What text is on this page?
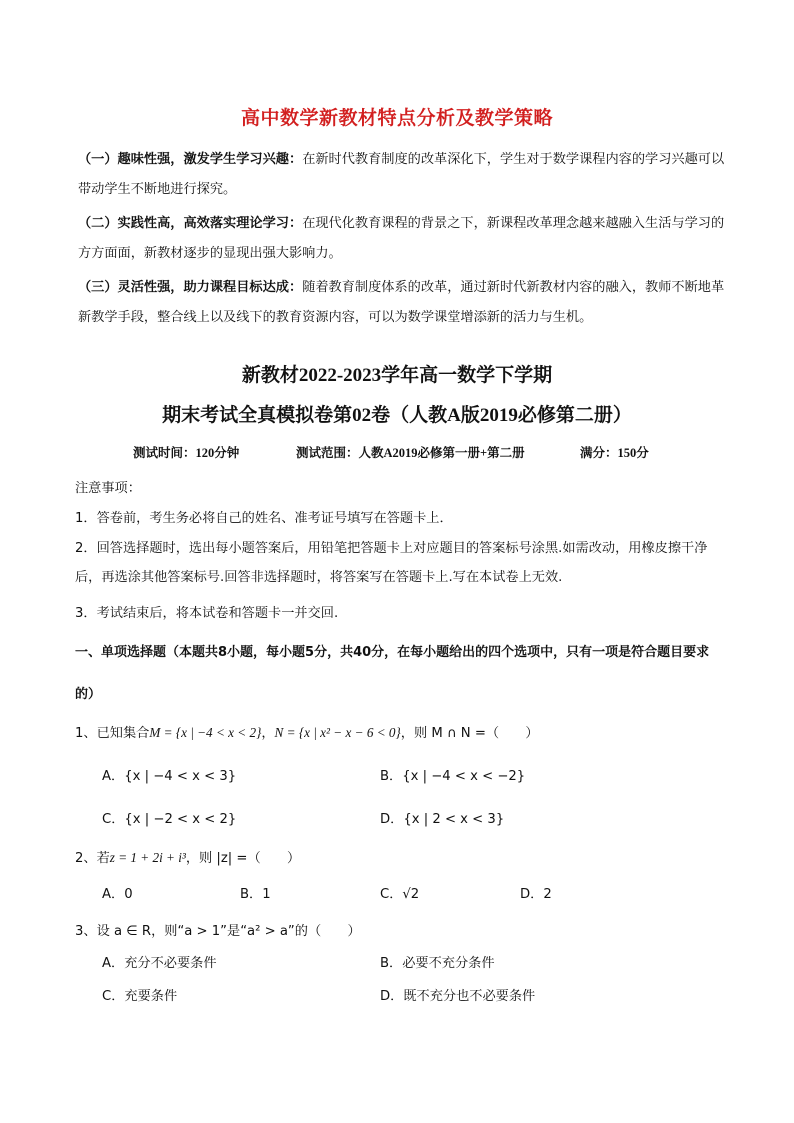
高中数学新教材特点分析及教学策略
（一）趣味性强，激发学生学习兴趣：在新时代教育制度的改革深化下，学生对于数学课程内容的学习兴趣可以带动学生不断地进行探究。
（二）实践性高，高效落实理论学习：在现代化教育课程的背景之下，新课程改革理念越来越融入生活与学习的方方面面，新教材逐步的显现出强大影响力。
（三）灵活性强，助力课程目标达成：随着教育制度体系的改革，通过新时代新教材内容的融入，教师不断地革新教学手段，整合线上以及线下的教育资源内容，可以为数学课堂增添新的活力与生机。
新教材2022-2023学年高一数学下学期
期末考试全真模拟卷第02卷（人教A版2019必修第二册）
测试时间：120分钟	测试范围：人教A2019必修第一册+第二册	满分：150分
注意事项：
1．答卷前，考生务必将自己的姓名、准考证号填写在答题卡上．
2．回答选择题时，选出每小题答案后，用铅笔把答题卡上对应题目的答案标号涂黑.如需改动，用橡皮擦干净后，再选涂其他答案标号.回答非选择题时，将答案写在答题卡上.写在本试卷上无效.
3．考试结束后，将本试卷和答题卡一并交回.
一、单项选择题（本题共8小题，每小题5分，共40分，在每小题给出的四个选项中，只有一项是符合题目要求的）
1、已知集合M = {x | −4 < x < 2}，N = {x | x² − x − 6 < 0}，则 M ∩ N =（　　）
A．{x | −4 < x < 3}	B．{x | −4 < x < −2}
C．{x | −2 < x < 2}	D．{x | 2 < x < 3}
2、若z = 1 + 2i + i³，则 |z| =（　　）
A．0	B．1	C．√2	D．2
3、设 a ∈ R，则“a > 1”是“a² > a”的（　　）
A．充分不必要条件	B．必要不充分条件
C．充要条件	D．既不充分也不必要条件
